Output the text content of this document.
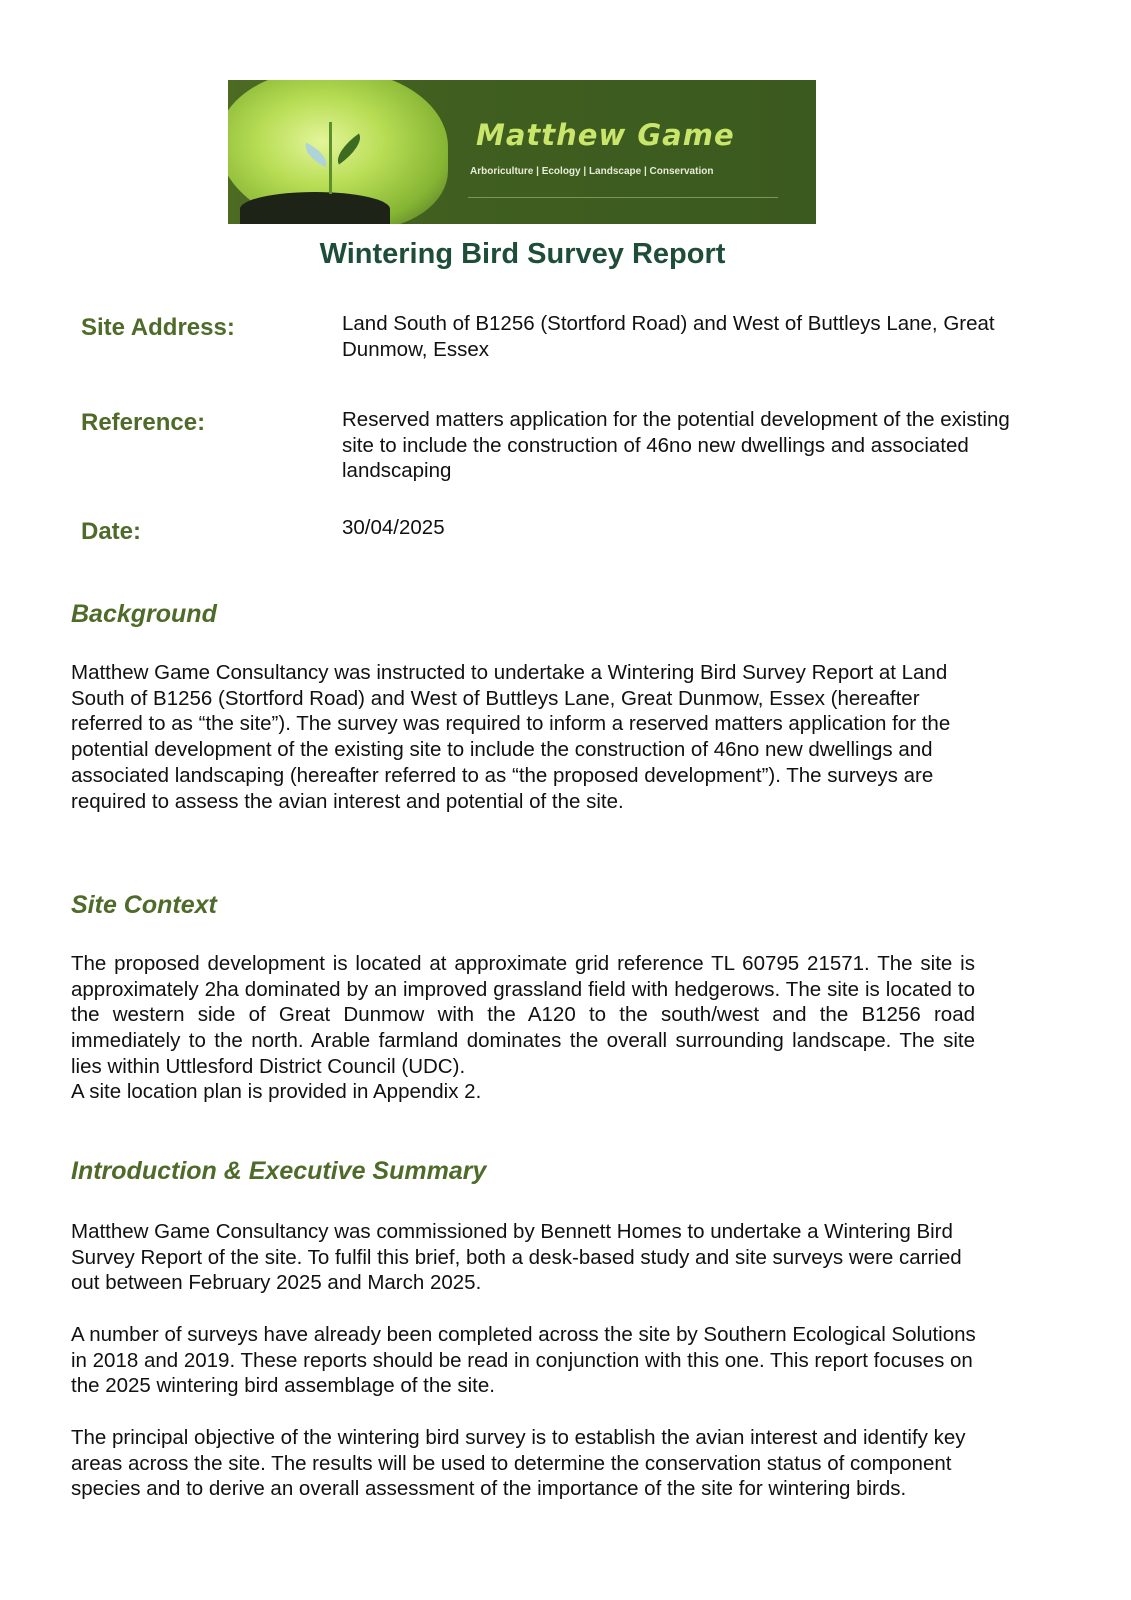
Matthew Game
Arboriculture | Ecology | Landscape | Conservation
Wintering Bird Survey Report
Site Address:	Land South of B1256 (Stortford Road) and West of Buttleys Lane, Great Dunmow, Essex
Reference:	Reserved matters application for the potential development of the existing site to include the construction of 46no new dwellings and associated landscaping
Date:	30/04/2025
Background

Matthew Game Consultancy was instructed to undertake a Wintering Bird Survey Report at Land South of B1256 (Stortford Road) and West of Buttleys Lane, Great Dunmow, Essex (hereafter referred to as “the site”). The survey was required to inform a reserved matters application for the potential development of the existing site to include the construction of 46no new dwellings and associated landscaping (hereafter referred to as “the proposed development”). The surveys are required to assess the avian interest and potential of the site.

Site Context

The proposed development is located at approximate grid reference TL 60795 21571. The site is approximately 2ha dominated by an improved grassland field with hedgerows. The site is located to the western side of Great Dunmow with the A120 to the south/west and the B1256 road immediately to the north. Arable farmland dominates the overall surrounding landscape. The site lies within Uttlesford District Council (UDC).

A site location plan is provided in Appendix 2.

Introduction & Executive Summary

Matthew Game Consultancy was commissioned by Bennett Homes to undertake a Wintering Bird Survey Report of the site. To fulfil this brief, both a desk-based study and site surveys were carried out between February 2025 and March 2025.

A number of surveys have already been completed across the site by Southern Ecological Solutions in 2018 and 2019. These reports should be read in conjunction with this one. This report focuses on the 2025 wintering bird assemblage of the site.

The principal objective of the wintering bird survey is to establish the avian interest and identify key areas across the site. The results will be used to determine the conservation status of component species and to derive an overall assessment of the importance of the site for wintering birds.
